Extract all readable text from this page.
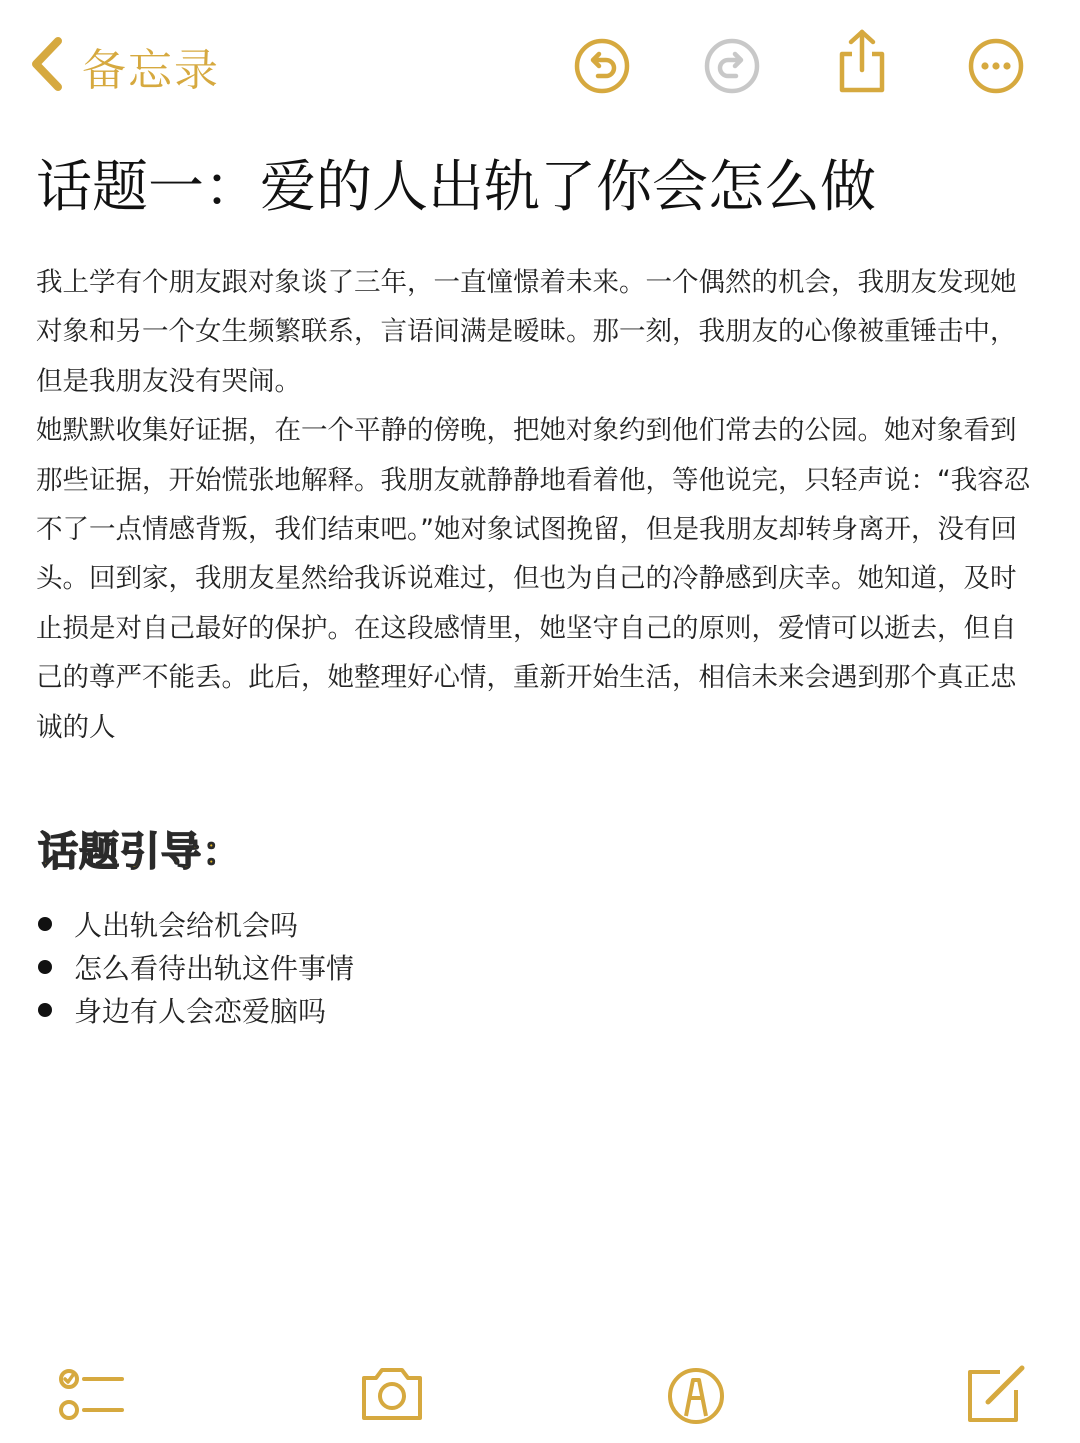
备忘录
话题一：爱的人出轨了你会怎么做

我上学有个朋友跟对象谈了三年，一直憧憬着未来。一个偶然的机会，我朋友发现她对象和另一个女生频繁联系，言语间满是暧昧。那一刻，我朋友的心像被重锤击中，但是我朋友没有哭闹。

她默默收集好证据，在一个平静的傍晚，把她对象约到他们常去的公园。她对象看到那些证据，开始慌张地解释。我朋友就静静地看着他，等他说完，只轻声说：“我容忍不了一点情感背叛，我们结束吧。”她对象试图挽留，但是我朋友却转身离开，没有回头。回到家，我朋友星然给我诉说难过，但也为自己的冷静感到庆幸。她知道，及时止损是对自己最好的保护。在这段感情里，她坚守自己的原则，爱情可以逝去，但自己的尊严不能丢。此后，她整理好心情，重新开始生活，相信未来会遇到那个真正忠诚的人

话题引导：
人出轨会给机会吗
怎么看待出轨这件事情
身边有人会恋爱脑吗
